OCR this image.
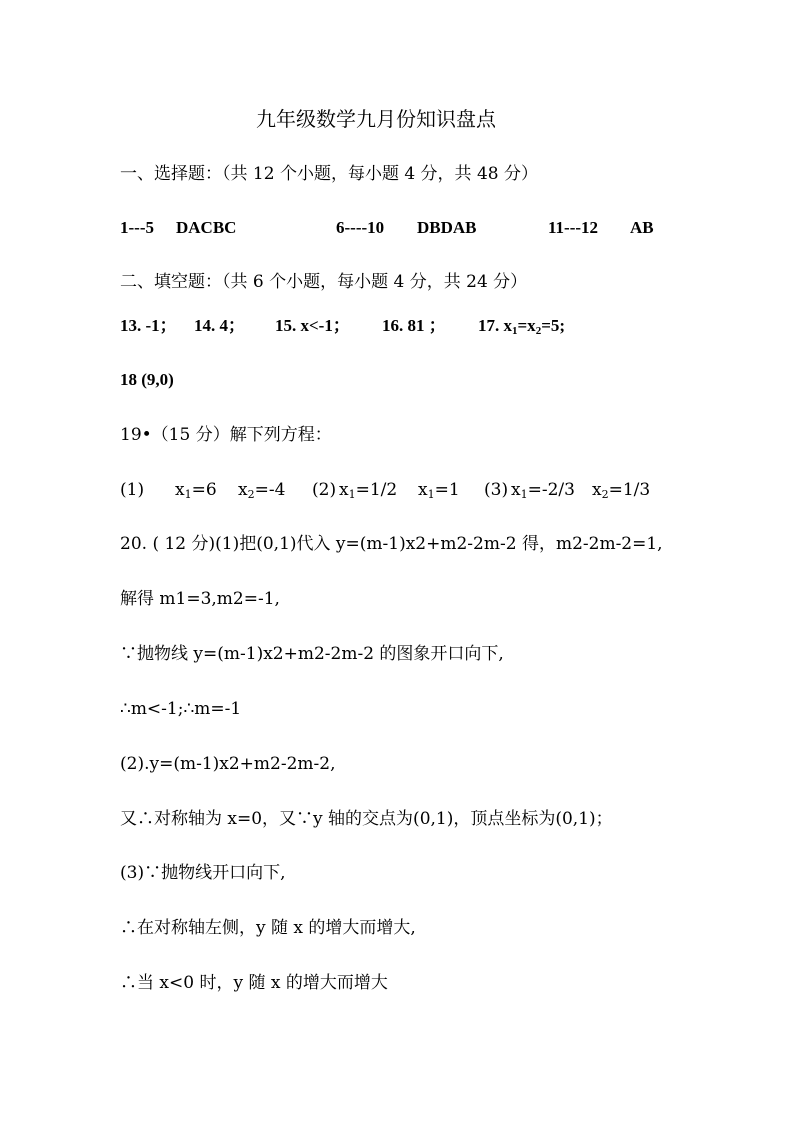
九年级数学九月份知识盘点
一、选择题：（共 12 个小题，每小题 4 分，共 48 分）
1---5 DACBC	6----10 DBDAB	11---12 AB
二、填空题：（共 6 个小题，每小题 4 分，共 24 分）
13. -1； 14. 4； 15. x<-1； 16. 81 ； 17. $x_1=x_2=5$;
18 (9,0)
19•（15 分）解下列方程：
(1) $x_1=6$ $x_2=-4$ (2) $x_1=1/2$ $x_1=1$ (3) $x_1=-2/3$ $x_2=1/3$
20. ( 12 分)(1)把(0,1)代入 y=(m-1)x2+m2-2m-2 得，m2-2m-2=1,
解得 m1=3,m2=-1,
∵抛物线 y=(m-1)x2+m2-2m-2 的图象开口向下,
∴m<-1;∴m=-1
(2).y=(m-1)x2+m2-2m-2,
又∴对称轴为 x=0，又∵y 轴的交点为(0,1)，顶点坐标为(0,1)；
(3)∵抛物线开口向下,
∴在对称轴左侧，y 随 x 的增大而增大,
∴当 x<0 时，y 随 x 的增大而增大
